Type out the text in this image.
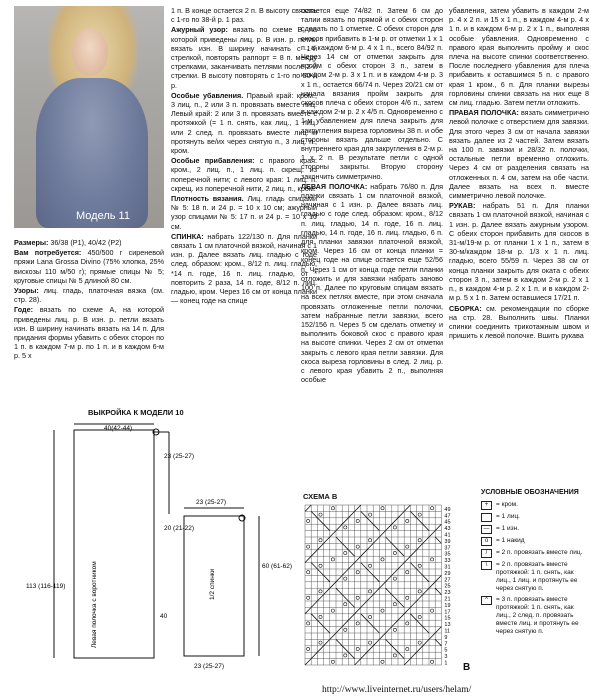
Модель 11

Размеры: 36/38 (P1), 40/42 (P2)

Вам потребуется: 450/500 г сиреневой пряжи Lana Grossa Divino (75% хлопка, 25% вискозы 110 м/50 г); прямые спицы № 5; круговые спицы № 5 длиной 80 см.

Узоры: лиц. гладь, платочная вязка (см. стр. 28).

Годе: вязать по схеме А, на которой приведены лиц. р. В изн. р. петли вязать изн. В ширину начинать вязать на 14 п. Для придания формы убавить с обеих сторон по 1 п. в каждом 7-м р. по 1 п. и в каждом 6-м р. 5 х

1 п. В конце остается 2 п. В высоту связать с 1-го по 38-й р. 1 раз.

Ажурный узор: вязать по схеме В, на которой приведены лиц. р. В изн. р. петли вязать изн. В ширину начинать с 1-й стрелкой, повторять раппорт = 8 п. между стрелками, заканчивать петлями после 2-й стрелки. В высоту повторять с 1-го по 50-й р.

Особые убавления. Правый край: кром., 3 лиц. п., 2 или 3 п. провязать вместе лиц. Левый край: 2 или 3 п. провязать вместе с протяжкой (= 1 п. снять, как лиц., 1 лиц. или 2 след. п. провязать вместе лиц. и протянуть ве/их через снятую п., 3 лиц. п., кром.

Особые прибавления: с правого края: кром., 2 лиц. п., 1 лиц. п. скрещ. из поперечной нити; с левого края: 1 лиц. п. скрещ. из поперечной нити, 2 лиц. п., кром.

Плотность вязания. Лиц. гладь спицами № 5: 18 п. и 24 р. = 10 x 10 см; ажурный узор спицами № 5: 17 п. и 24 р. = 10 x 10 см.

СПИНКА: набрать 122/130 п. Для планки связать 1 см платочной вязкой, начиная с 1 изн. р. Далее вязать лиц. гладью с годе след. образом: кром., 8/12 п. лиц. гладью, *14 п. годе, 16 п. лиц. гладью, от * повторить 2 раза, 14 п. годе, 8/12 п. лиц. гладью, кром. Через 16 см от конца планки — конец годе на спице

остается еще 74/82 п. Затем 6 см до талии вязать по прямой и с обеих сторон сделать по 1 отметке. С обеих сторон для скосов прибавить в 1-м р. от отметки 1 х 1 п., в каждом 6-м р. 4 х 1 п., всего 84/92 п. Через 14 см от отметки закрыть для пройм с обеих сторон 3 п., затем в каждом 2-м р. 3 х 1 п. и в каждом 4-м р. 3 х 1 п., остается 66/74 п. Через 20/21 см от начала вязания пройм закрыть для скосов плеча с обеих сторон 4/6 п., затем в каждом 2-м р. 2 х 4/5 п. Одновременно с 1-м убавлением для плеча закрыть для закругления выреза горловины 38 п. и обе стороны вязать дальше отдельно. С внутреннего края для закругления в 2-м р. 1 х 2 п. В результате петли с одной стороны закрыты. Вторую сторону закончить симметрично.

ЛЕВАЯ ПОЛОЧКА: набрать 76/80 п. Для планки связать 1 см платочной вязкой, начиная с 1 изн. р. Далее вязать лиц. гладью с годе след. образом: кром., 8/12 п. лиц. гладью, 14 п. годе, 16 п. лиц. гладью, 14 п. годе, 16 п. лиц. гладью, 6 п. для планки завязки платочной вязкой, кром. Через 16 см от конца планки = конец годе на спице остается еще 52/56 п. Через 1 см от конца годе петли планки отложить и для завязки набрать заново 100 п. Далее по круговым спицам вязать на всех петлях вместе, при этом сначала провязать отложенные петли полочки, затем набранные петли завязки, всего 152/156 п. Через 5 см сделать отметку и выполнить боковой скос с правого края на высоте спинки. Через 2 см от отметки закрыть с левого края петли завязки. Для скоса выреза горловины в след. 2 лиц. р. с левого края убавить 2 п., выполняя особые

убавления, затем убавить в каждом 2-м р. 4 х 2 п. и 15 х 1 п., в каждом 4-м р. 4 х 1 п. и в каждом 6-м р. 2 х 1 п., выполняя особые убавления. Одновременно с правого края выполнить пройму и скос плеча на высоте спинки соответственно. После последнего убавления для плеча прибавить к оставшимся 5 п. с правого края 1 кром., 6 п. Для планки вырезы горловины спинки связать на них еще 8 см лиц. гладью. Затем петли отложить.

ПРАВАЯ ПОЛОЧКА: вязать симметрично левой полочке с отверстием для завязки. Для этого через 3 см от начала завязки вязать далее из 2 частей. Затем вязать на 100 п. завязки и 28/32 п. полочки, остальные петли временно отложить. Через 4 см от разделения связать на отложенных п. 4 см, затем на обе части. Далее вязать на всех п. вместе симметрично левой полочке.

РУКАВ: набрать 51 п. Для планки связать 1 см платочной вязкой, начиная с 1 изн. р. Далее вязать ажурным узором. С обеих сторон прибавить для скосов в 31-м/19-м р. от планки 1 х 1 п., затем в 30-м/каждом 18-м р. 1/3 х 1 п. лиц. гладью, всего 55/59 п. Через 38 см от конца планки закрыть для оката с обеих сторон 3 п., затем в каждом 2-м р. 2 х 1 п., в каждом 4-м р. 2 х 1 п. и в каждом 2-м р. 5 х 1 п. Затем оставшиеся 17/21 п.

СБОРКА: см. рекомендации по сборке на стр. 28. Выполнить швы. Планки спинки соединить трикотажным швом и пришить к левой полочке. Вшить рукава

ВЫКРОЙКА К МОДЕЛИ 10
40(42-44)
23 (25-27)
20 (21-22)
40
113 (116-119)
23 (25-27)
60 (61-62)
23 (25-27)
1/2 спинки
Левая полочка с воротником
СХЕМА В
49
47
45
43
41
39
37
35
33
31
29
27
25
23
21
19
17
15
13
11
9
7
5
3
1 B
УСЛОВНЫЕ ОБОЗНАЧЕНИЯ
+	= кром.
= 1 лиц.
—	= 1 изн.
o	= 1 накид
/	= 2 п. провязать вместе лиц.
\	= 2 п. провязать вместе протяжкой: 1 п. снять, как лиц., 1 лиц. и протянуть ее через снятую п.
^	= 3 п. провязать вместе протяжкой: 1 п. снять, как лиц., 2 след. п. провязать вместе лиц. и протянуть ее через снятую п.
http://www.liveinternet.ru/users/helam/
